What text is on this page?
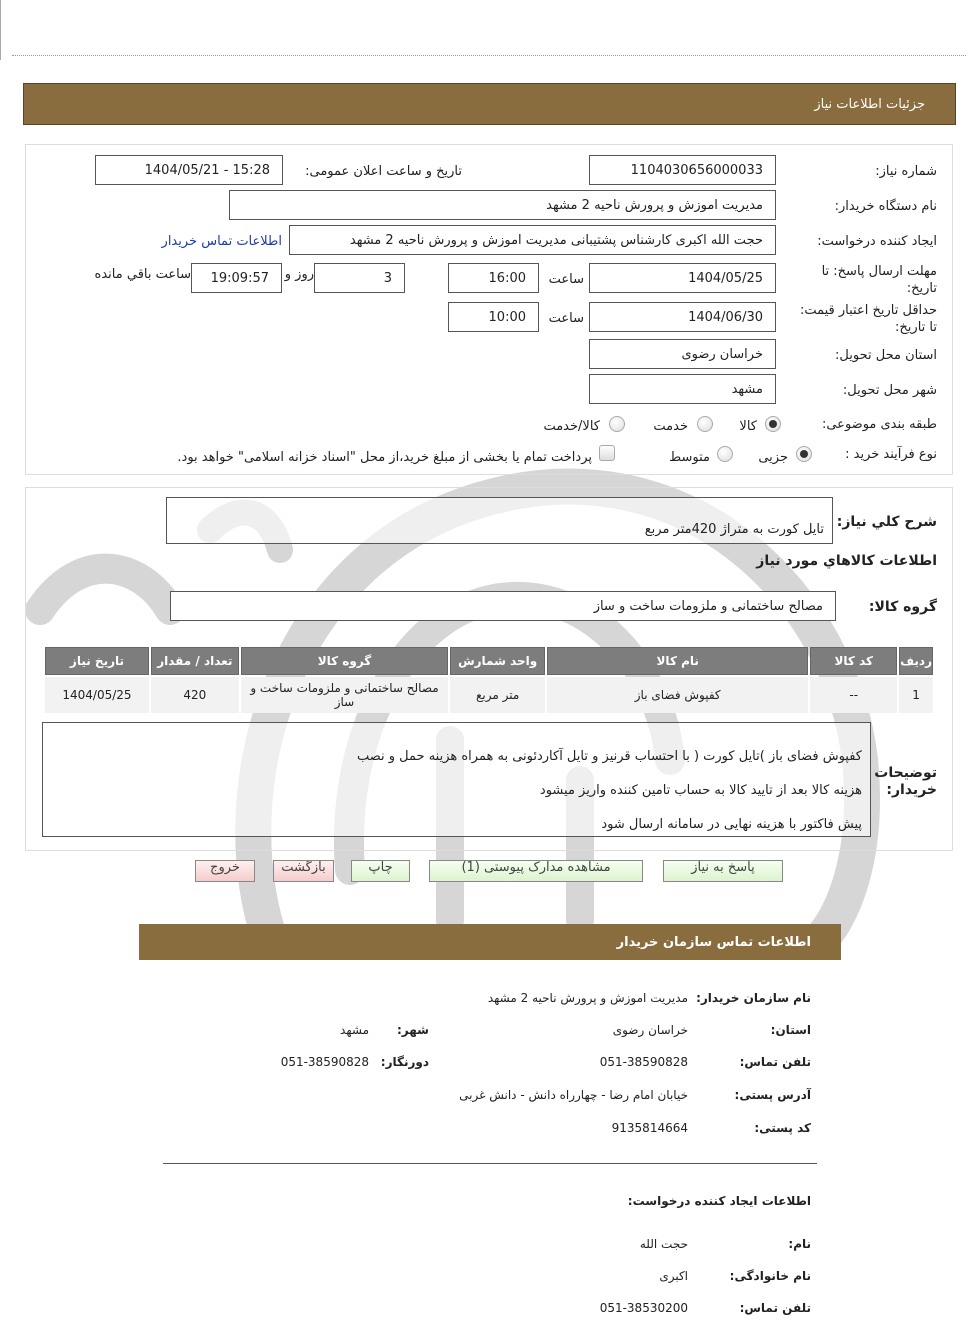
جزئیات اطلاعات نیاز
شماره نیاز:
1104030656000033
تاریخ و ساعت اعلان عمومی:
1404/05/21 - 15:28
نام دستگاه خریدار:
مدیریت اموزش و پرورش ناحیه 2 مشهد
ایجاد کننده درخواست:
حجت الله اکبری کارشناس پشتیبانی مدیریت اموزش و پرورش ناحیه 2 مشهد
اطلاعات تماس خریدار
مهلت ارسال پاسخ: تا
تاریخ:
1404/05/25
ساعت
16:00
3
روز و
19:09:57
ساعت باقي مانده
حداقل تاریخ اعتبار قیمت:
تا تاریخ:
1404/06/30
ساعت
10:00
استان محل تحویل:
خراسان رضوی
شهر محل تحویل:
مشهد
طبقه بندی موضوعی:
کالا
خدمت
کالا/خدمت
نوع فرآیند خرید :
جزیی
متوسط
پرداخت تمام یا بخشی از مبلغ خرید،از محل "اسناد خزانه اسلامی" خواهد بود.
شرح کلي نياز:

تایل کورت به متراژ 420متر مربع

اطلاعات کالاهاي مورد نياز
گروه کالا:
مصالح ساختمانی و ملزومات ساخت و ساز
ردیف	کد کالا	نام کالا	واحد شمارش	گروه کالا	تعداد / مقدار	تاریخ نیاز
1	--	کفپوش فضای باز	متر مربع	مصالح ساختمانی و ملزومات ساخت و ساز	420	1404/05/25
توضیحات
خریدار:

کفپوش فضای باز )تایل کورت ( با احتساب قرنیز و تایل آکاردئونی به همراه هزینه حمل و نصب

هزینه کالا بعد از تایید کالا به حساب تامین کننده واریز میشود

پیش فاکتور با هزینه نهایی در سامانه ارسال شود

پاسخ به نیاز
مشاهده مدارک پیوستی (1)
چاپ
بازگشت
خروج
اطلاعات تماس سازمان خریدار
نام سازمان خریدار:
مدیریت اموزش و پرورش ناحیه 2 مشهد
استان:
خراسان رضوی
شهر:
مشهد
تلفن تماس:
051-38590828
دورنگار:
051-38590828
آدرس پستی:
خیابان امام رضا - چهارراه دانش - دانش غربی
کد پستی:
9135814664
اطلاعات ایجاد کننده درخواست:
نام:
حجت الله
نام خانوادگی:
اکبری
تلفن تماس:
051-38530200
